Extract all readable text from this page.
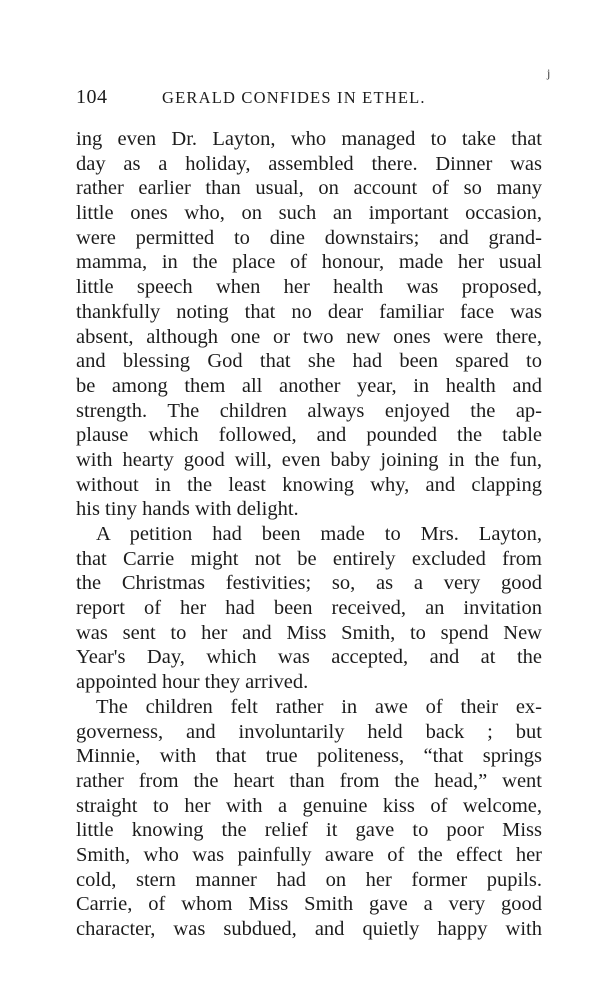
j
104	GERALD CONFIDES IN ETHEL.
ing even Dr. Layton, who managed to take that
day as a holiday, assembled there. Dinner was
rather earlier than usual, on account of so many
little ones who, on such an important occasion,
were permitted to dine downstairs; and grand-
mamma, in the place of honour, made her usual
little speech when her health was proposed,
thankfully noting that no dear familiar face was
absent, although one or two new ones were there,
and blessing God that she had been spared to
be among them all another year, in health and
strength. The children always enjoyed the ap-
plause which followed, and pounded the table
with hearty good will, even baby joining in the fun,
without in the least knowing why, and clapping
his tiny hands with delight.
A petition had been made to Mrs. Layton,
that Carrie might not be entirely excluded from
the Christmas festivities; so, as a very good
report of her had been received, an invitation
was sent to her and Miss Smith, to spend New
Year's Day, which was accepted, and at the
appointed hour they arrived.
The children felt rather in awe of their ex-
governess, and involuntarily held back ; but
Minnie, with that true politeness, “that springs
rather from the heart than from the head,” went
straight to her with a genuine kiss of welcome,
little knowing the relief it gave to poor Miss
Smith, who was painfully aware of the effect her
cold, stern manner had on her former pupils.
Carrie, of whom Miss Smith gave a very good
character, was subdued, and quietly happy with
